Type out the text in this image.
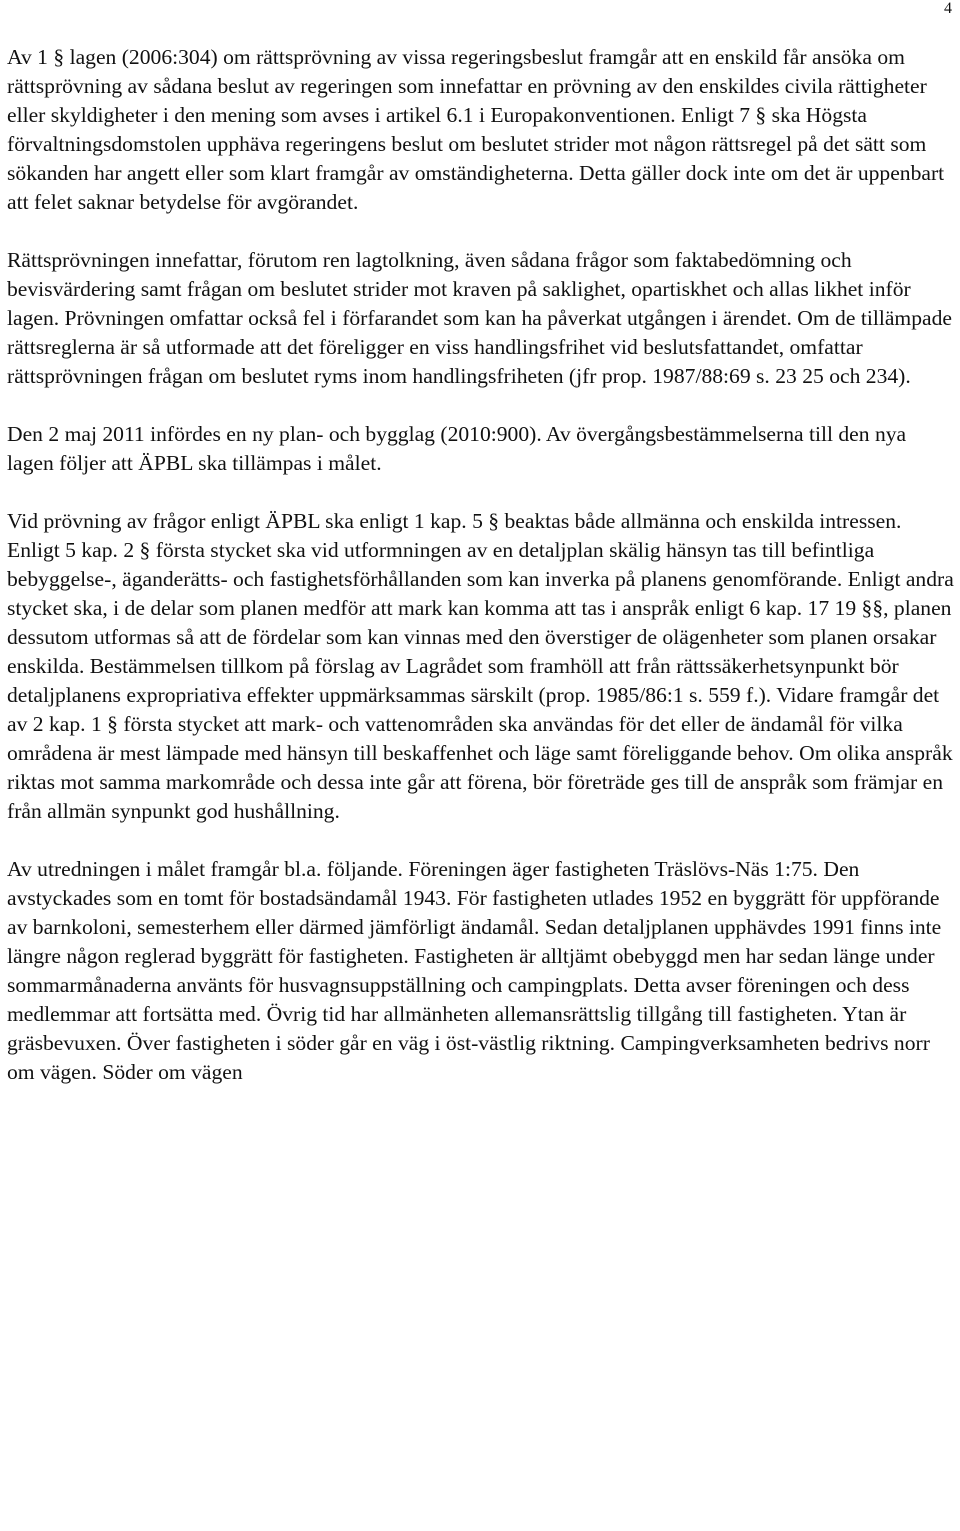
4

Av 1 § lagen (2006:304) om rättsprövning av vissa regeringsbeslut framgår att en enskild får ansöka om rättsprövning av sådana beslut av regeringen som innefattar en prövning av den enskildes civila rättigheter eller skyldigheter i den mening som avses i artikel 6.1 i Europakonventionen. Enligt 7 § ska Högsta förvaltningsdomstolen upphäva regeringens beslut om beslutet strider mot någon rättsregel på det sätt som sökanden har angett eller som klart framgår av omständigheterna. Detta gäller dock inte om det är uppenbart att felet saknar betydelse för avgörandet.

Rättsprövningen innefattar, förutom ren lagtolkning, även sådana frågor som faktabedömning och bevisvärdering samt frågan om beslutet strider mot kraven på saklighet, opartiskhet och allas likhet inför lagen. Prövningen omfattar också fel i förfarandet som kan ha påverkat utgången i ärendet. Om de tillämpade rättsreglerna är så utformade att det föreligger en viss handlingsfrihet vid beslutsfattandet, omfattar rättsprövningen frågan om beslutet ryms inom handlingsfriheten (jfr prop. 1987/88:69 s. 23 25 och 234).

Den 2 maj 2011 infördes en ny plan- och bygglag (2010:900). Av övergångsbestämmelserna till den nya lagen följer att ÄPBL ska tillämpas i målet.

Vid prövning av frågor enligt ÄPBL ska enligt 1 kap. 5 § beaktas både allmänna och enskilda intressen. Enligt 5 kap. 2 § första stycket ska vid utformningen av en detaljplan skälig hänsyn tas till befintliga bebyggelse-, äganderätts- och fastighetsförhållanden som kan inverka på planens genomförande. Enligt andra stycket ska, i de delar som planen medför att mark kan komma att tas i anspråk enligt 6 kap. 17 19 §§, planen dessutom utformas så att de fördelar som kan vinnas med den överstiger de olägenheter som planen orsakar enskilda. Bestämmelsen tillkom på förslag av Lagrådet som framhöll att från rättssäkerhetsynpunkt bör detaljplanens expropriativa effekter uppmärksammas särskilt (prop. 1985/86:1 s. 559 f.). Vidare framgår det av 2 kap. 1 § första stycket att mark- och vattenområden ska användas för det eller de ändamål för vilka områdena är mest lämpade med hänsyn till beskaffenhet och läge samt föreliggande behov. Om olika anspråk riktas mot samma markområde och dessa inte går att förena, bör företräde ges till de anspråk som främjar en från allmän synpunkt god hushållning.

Av utredningen i målet framgår bl.a. följande. Föreningen äger fastigheten Träslövs-Näs 1:75. Den avstyckades som en tomt för bostadsändamål 1943. För fastigheten utlades 1952 en byggrätt för uppförande av barnkoloni, semesterhem eller därmed jämförligt ändamål. Sedan detaljplanen upphävdes 1991 finns inte längre någon reglerad byggrätt för fastigheten. Fastigheten är alltjämt obebyggd men har sedan länge under sommarmånaderna använts för husvagnsuppställning och campingplats. Detta avser föreningen och dess medlemmar att fortsätta med. Övrig tid har allmänheten allemansrättslig tillgång till fastigheten. Ytan är gräsbevuxen. Över fastigheten i söder går en väg i öst-västlig riktning. Campingverksamheten bedrivs norr om vägen. Söder om vägen
